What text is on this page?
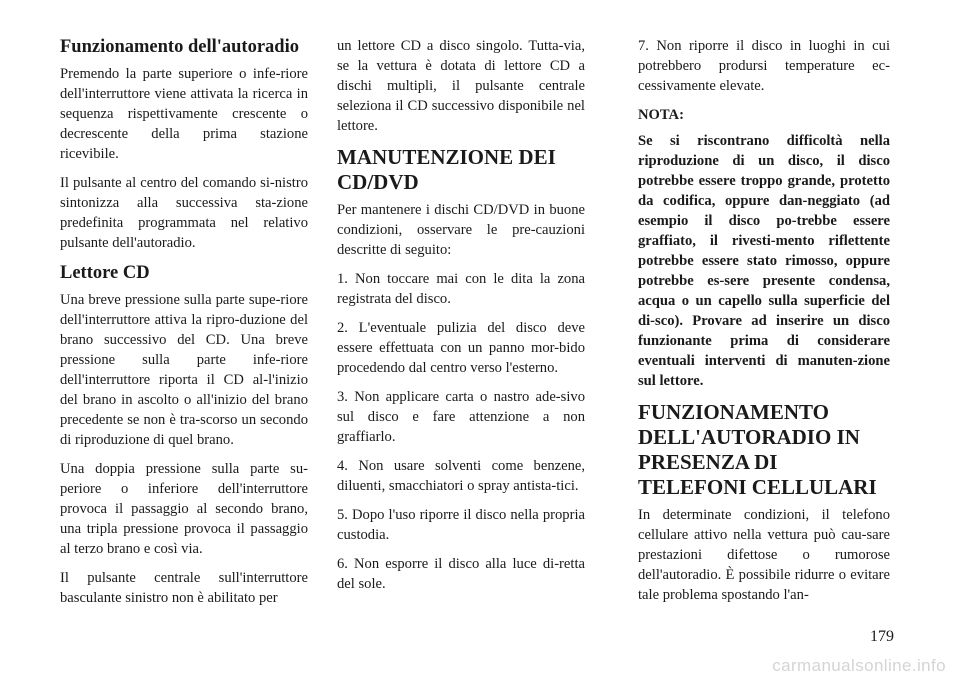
Funzionamento dell'autoradio

Premendo la parte superiore o infe-riore dell'interruttore viene attivata la ricerca in sequenza rispettivamente crescente o decrescente della prima stazione ricevibile.

Il pulsante al centro del comando si-nistro sintonizza alla successiva sta-zione predefinita programmata nel relativo pulsante dell'autoradio.

Lettore CD

Una breve pressione sulla parte supe-riore dell'interruttore attiva la ripro-duzione del brano successivo del CD. Una breve pressione sulla parte infe-riore dell'interruttore riporta il CD al-l'inizio del brano in ascolto o all'inizio del brano precedente se non è tra-scorso un secondo di riproduzione di quel brano.

Una doppia pressione sulla parte su-periore o inferiore dell'interruttore provoca il passaggio al secondo brano, una tripla pressione provoca il passaggio al terzo brano e così via.

Il pulsante centrale sull'interruttore basculante sinistro non è abilitato per

un lettore CD a disco singolo. Tutta-via, se la vettura è dotata di lettore CD a dischi multipli, il pulsante centrale seleziona il CD successivo disponibile nel lettore.

MANUTENZIONE DEI CD/DVD

Per mantenere i dischi CD/DVD in buone condizioni, osservare le pre-cauzioni descritte di seguito:

1. Non toccare mai con le dita la zona registrata del disco.

2. L'eventuale pulizia del disco deve essere effettuata con un panno mor-bido procedendo dal centro verso l'esterno.

3. Non applicare carta o nastro ade-sivo sul disco e fare attenzione a non graffiarlo.

4. Non usare solventi come benzene, diluenti, smacchiatori o spray antista-tici.

5. Dopo l'uso riporre il disco nella propria custodia.

6. Non esporre il disco alla luce di-retta del sole.

7. Non riporre il disco in luoghi in cui potrebbero prodursi temperature ec-cessivamente elevate.

NOTA:

Se si riscontrano difficoltà nella riproduzione di un disco, il disco potrebbe essere troppo grande, protetto da codifica, oppure dan-neggiato (ad esempio il disco po-trebbe essere graffiato, il rivesti-mento riflettente potrebbe essere stato rimosso, oppure potrebbe es-sere presente condensa, acqua o un capello sulla superficie del di-sco). Provare ad inserire un disco funzionante prima di considerare eventuali interventi di manuten-zione sul lettore.

FUNZIONAMENTO DELL'AUTORADIO IN PRESENZA DI TELEFONI CELLULARI

In determinate condizioni, il telefono cellulare attivo nella vettura può cau-sare prestazioni difettose o rumorose dell'autoradio. È possibile ridurre o evitare tale problema spostando l'an-

179
carmanualsonline.info
